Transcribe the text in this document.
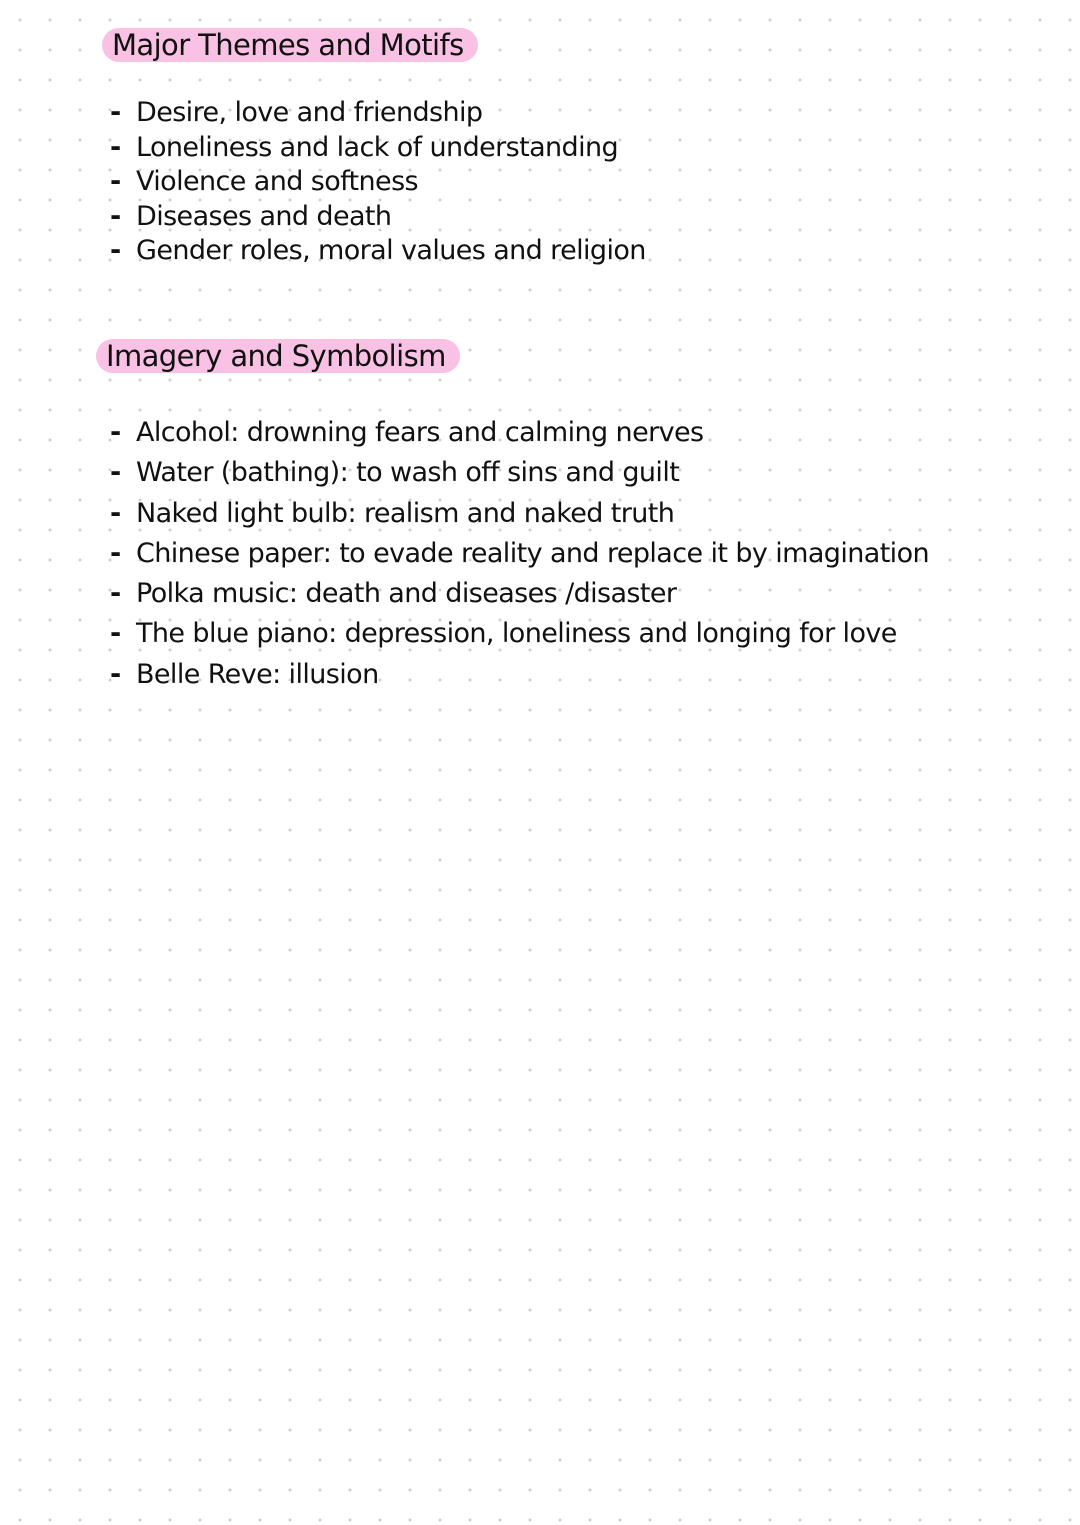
Major Themes and Motifs
- Desire, love and friendship
- Loneliness and lack of understanding
- Violence and softness
- Diseases and death
- Gender roles, moral values and religion
Imagery and Symbolism
- Alcohol: drowning fears and calming nerves
- Water (bathing): to wash off sins and guilt
- Naked light bulb: realism and naked truth
- Chinese paper: to evade reality and replace it by imagination
- Polka music: death and diseases /disaster
- The blue piano: depression, loneliness and longing for love
- Belle Reve: illusion
